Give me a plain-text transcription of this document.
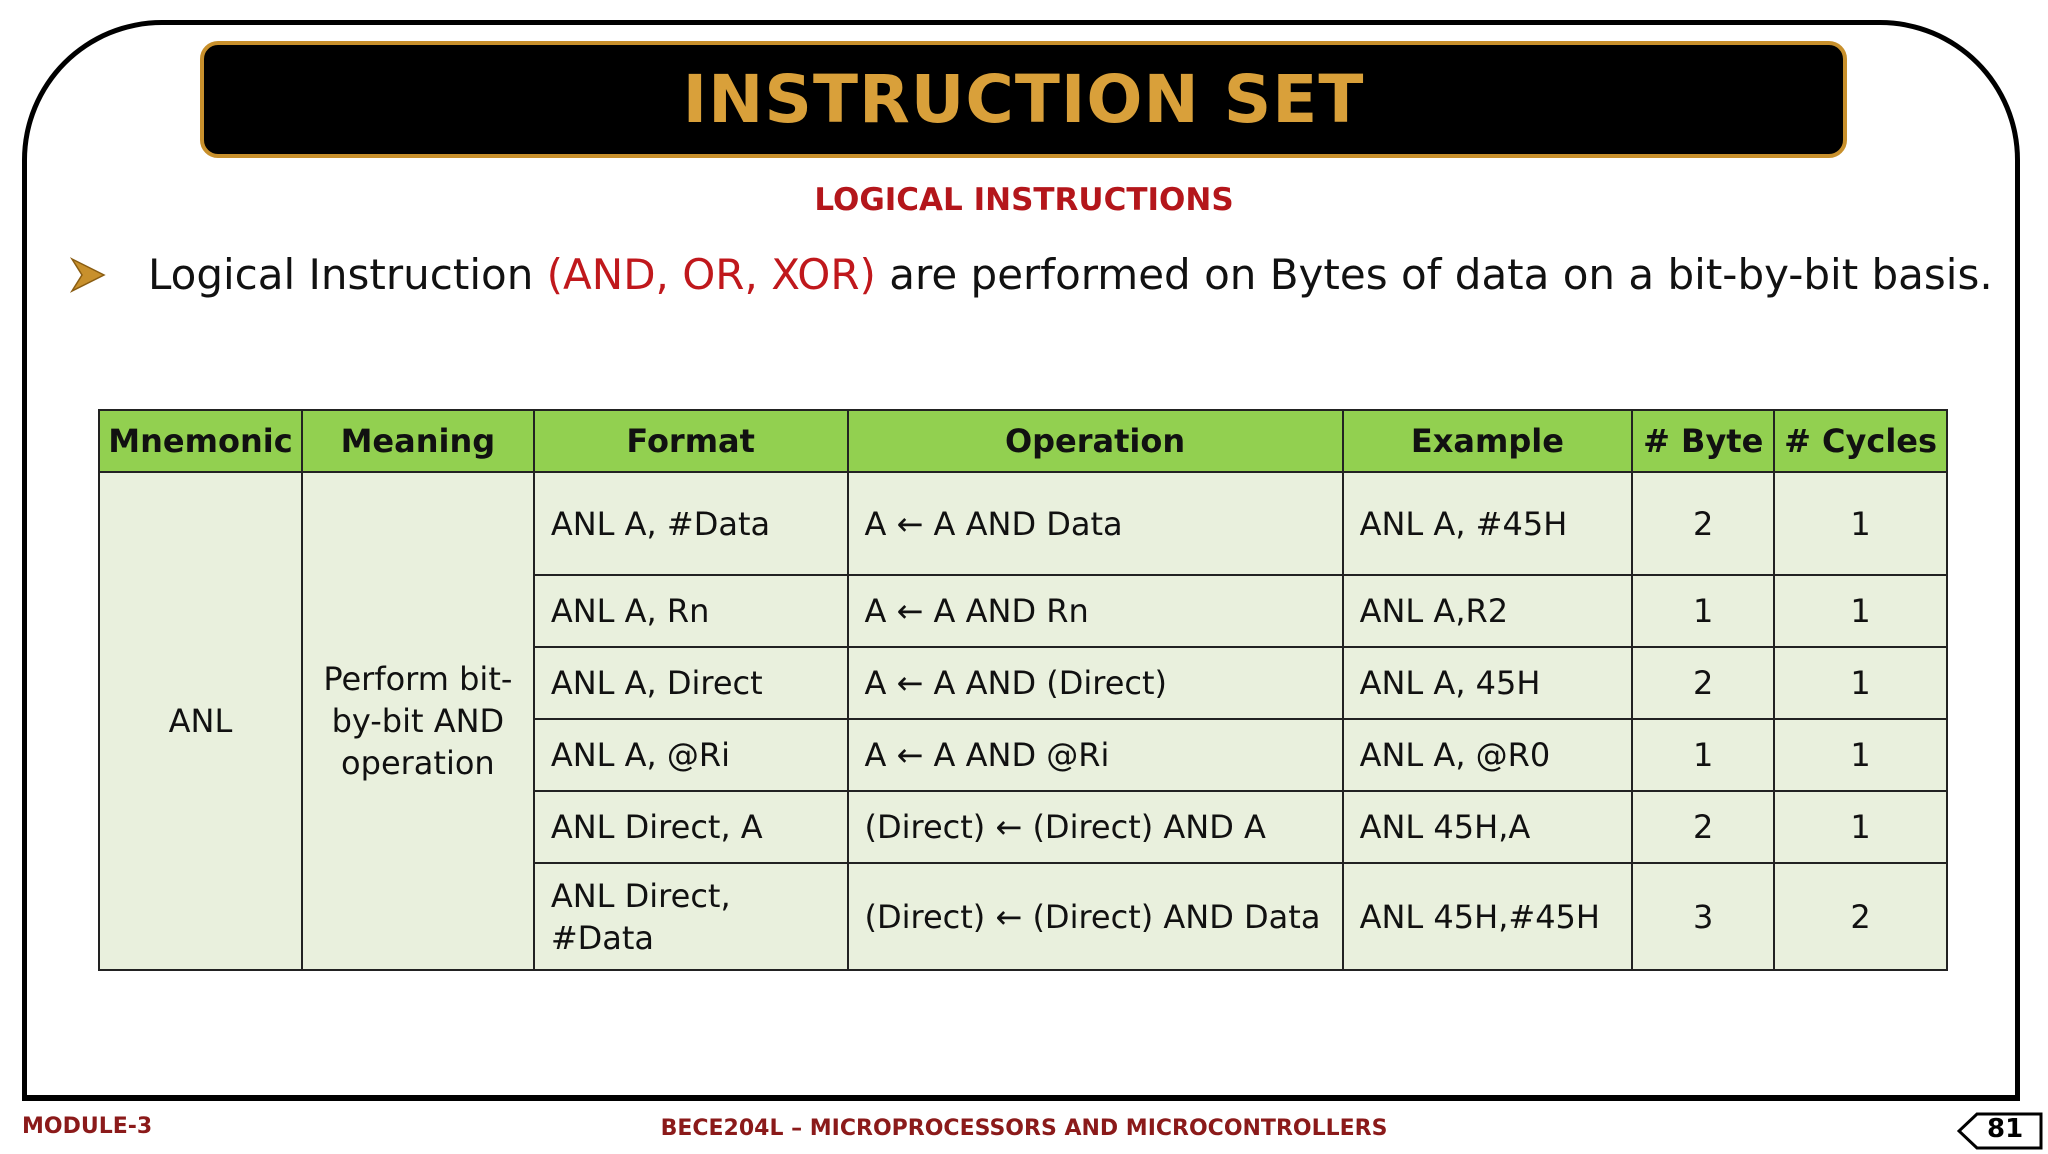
INSTRUCTION SET
LOGICAL INSTRUCTIONS
Logical Instruction (AND, OR, XOR) are performed on Bytes of data on a bit-by-bit basis.
Mnemonic	Meaning	Format	Operation	Example	# Byte	# Cycles
ANL	Perform bit-by-bit AND operation	ANL A, #Data	A ← A AND Data	ANL A, #45H	2	1
		ANL A, Rn	A ← A AND Rn	ANL A,R2	1	1
		ANL A, Direct	A ← A AND (Direct)	ANL A, 45H	2	1
		ANL A, @Ri	A ← A AND @Ri	ANL A, @R0	1	1
		ANL Direct, A	(Direct) ← (Direct) AND A	ANL 45H,A	2	1

		ANL Direct, #Data	(Direct) ← (Direct) AND Data	ANL 45H,#45H	3	2
MODULE-3	BECE204L – MICROPROCESSORS AND MICROCONTROLLERS	81
